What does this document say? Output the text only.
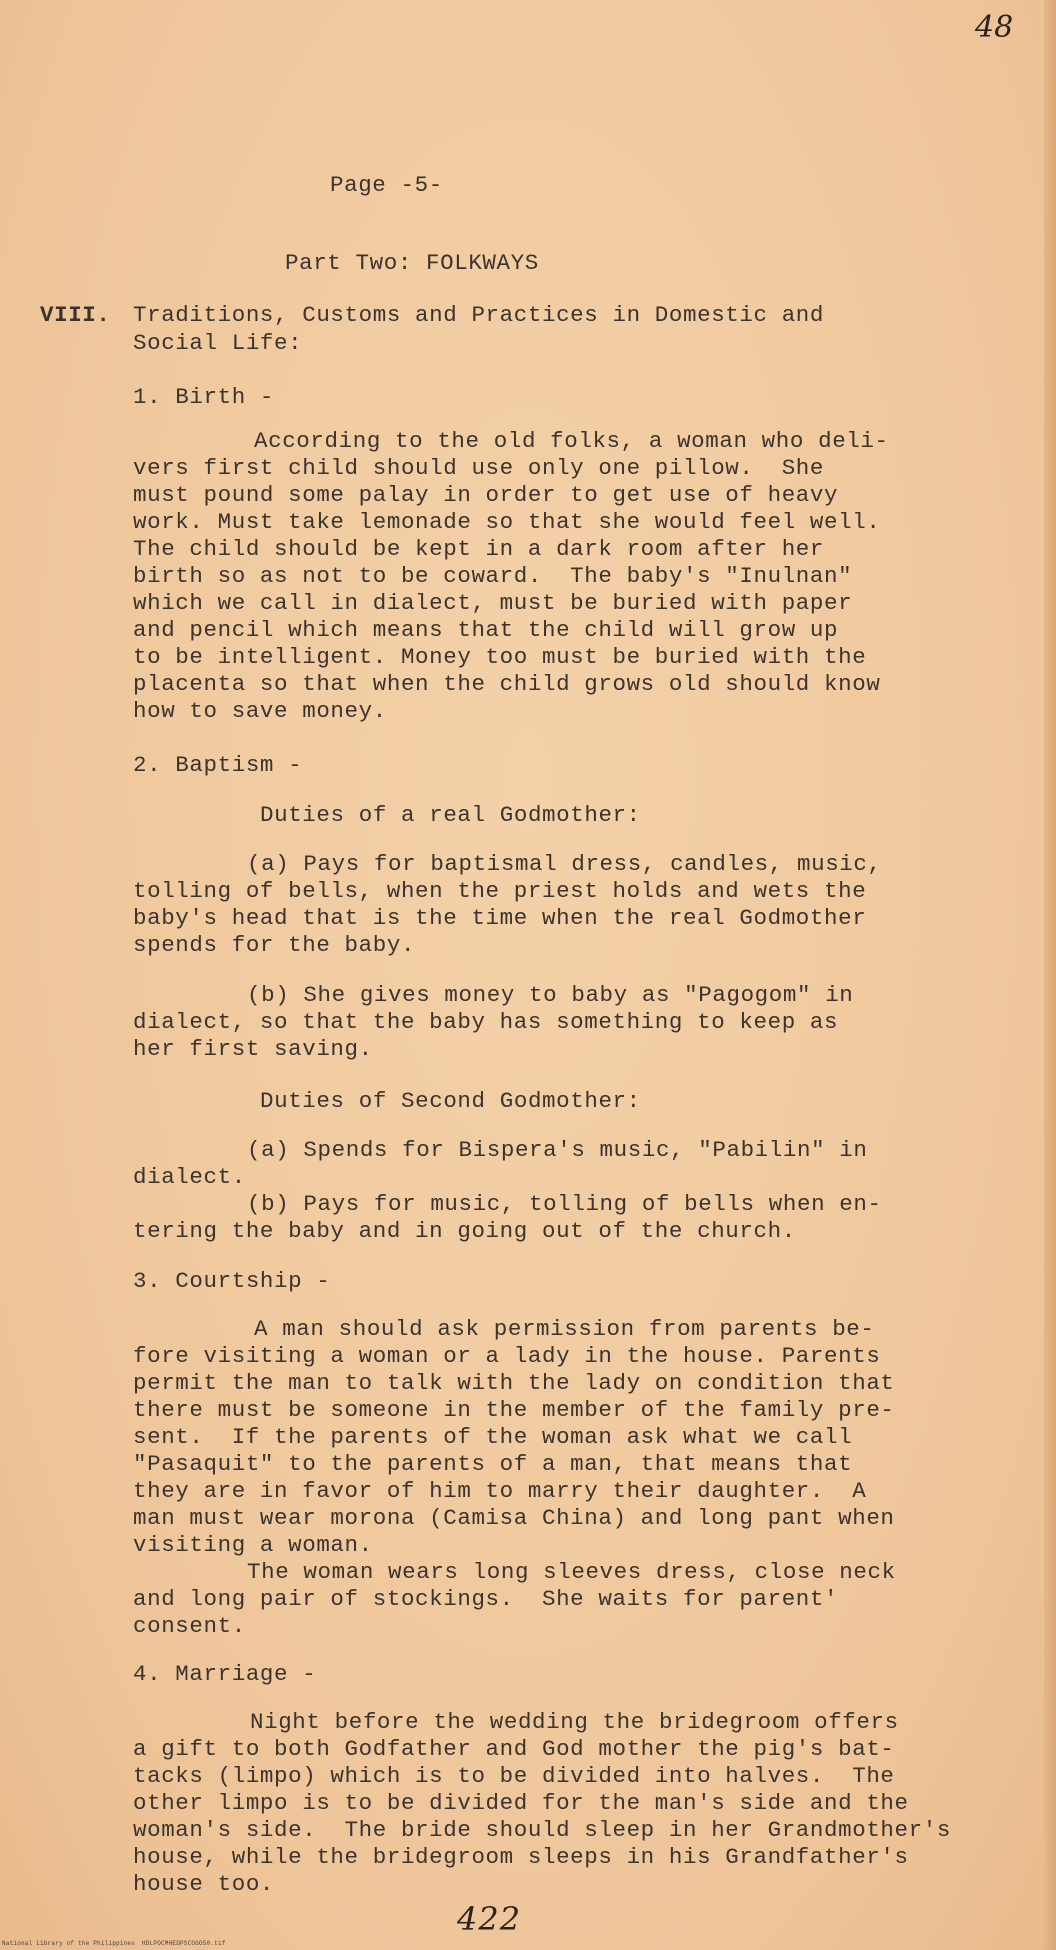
48
Page -5-
Part Two: FOLKWAYS
VIII. Traditions, Customs and Practices in Domestic and
Social Life:
1. Birth -

According to the old folks, a woman who deli-

vers first child should use only one pillow.  She

must pound some palay in order to get use of heavy

work. Must take lemonade so that she would feel well.

The child should be kept in a dark room after her

birth so as not to be coward.  The baby's "Inulnan"

which we call in dialect, must be buried with paper

and pencil which means that the child will grow up

to be intelligent. Money too must be buried with the

placenta so that when the child grows old should know

how to save money.

2. Baptism -
Duties of a real Godmother:

(a) Pays for baptismal dress, candles, music,

tolling of bells, when the priest holds and wets the

baby's head that is the time when the real Godmother

spends for the baby.

(b) She gives money to baby as "Pagogom" in

dialect, so that the baby has something to keep as

her first saving.

Duties of Second Godmother:

(a) Spends for Bispera's music, "Pabilin" in

dialect.

(b) Pays for music, tolling of bells when en-

tering the baby and in going out of the church.

3. Courtship -

A man should ask permission from parents be-

fore visiting a woman or a lady in the house. Parents

permit the man to talk with the lady on condition that

there must be someone in the member of the family pre-

sent.  If the parents of the woman ask what we call

"Pasaquit" to the parents of a man, that means that

they are in favor of him to marry their daughter.  A

man must wear morona (Camisa China) and long pant when

visiting a woman.

The woman wears long sleeves dress, close neck

and long pair of stockings.  She waits for parent'

consent.

4. Marriage -

Night before the wedding the bridegroom offers

a gift to both Godfather and God mother the pig's bat-

tacks (limpo) which is to be divided into halves.  The

other limpo is to be divided for the man's side and the

woman's side.  The bride should sleep in her Grandmother's

house, while the bridegroom sleeps in his Grandfather's

house too.

422
National Library of the Philippines HDLPOCMHEDPSCOGO50.tif
